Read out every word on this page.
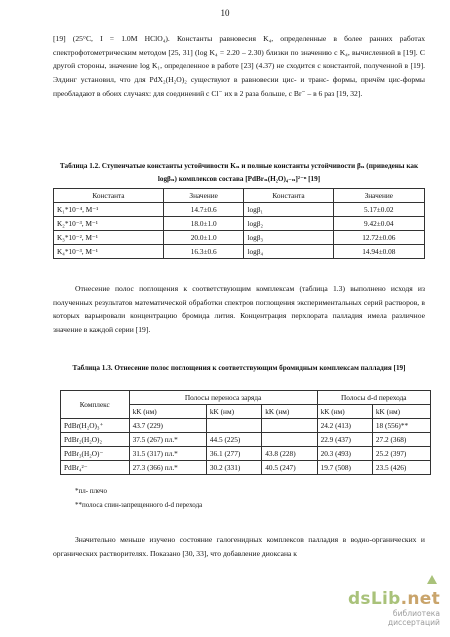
10

[19] (25°C, I = 1.0M HClO₄). Константы равновесия K₄, определенные в более ранних работах спектрофотометрическим методом [25, 31] (log K₄ = 2.20 – 2.30) близки по значению с K₄, вычисленной в [19]. С другой стороны, значение log K₁, определенное в работе [23] (4.37) не сходится с константой, полученной в [19]. Элдинг установил, что для PdX₂(H₂O)₂ существуют в равновесии цис- и транс- формы, причём цис-формы преобладают в обоих случаях: для соединений с Cl⁻ их в 2 раза больше, с Br⁻ – в 6 раз [19, 32].

Таблица 1.2. Ступенчатые константы устойчивости Kₙ и полные константы устойчивости βₙ (приведены как logβₙ) комплексов состава [PdBrₙ(H₂O)₄₋ₙ]²⁻ⁿ [19]
Константа	Значение	Константа	Значение
K₁*10⁻⁴, М⁻¹	14.7±0.6	logβ₁	5.17±0.02
K₂*10⁻³, М⁻¹	18.0±1.0	logβ₂	9.42±0.04
K₃*10⁻², М⁻¹	20.0±1.0	logβ₃	12.72±0.06
K₄*10⁻³, М⁻¹	16.3±0.6	logβ₄	14.94±0.08

Отнесение полос поглощения к соответствующим комплексам (таблица 1.3) выполнено исходя из полученных результатов математической обработки спектров поглощения экспериментальных серий растворов, в которых варьировали концентрацию бромида лития. Концентрация перхлората палладия имела различное значение в каждой серии [19].

Таблица 1.3. Отнесение полос поглощения к соответствующим бромидным комплексам палладия [19]
Комплекс	Полосы переноса заряда			Полосы d-d перехода	
	kK (нм)	kK (нм)	kK (нм)	kK (нм)	kK (нм)
PdBr(H₂O)₃⁺	43.7 (229)			24.2 (413)	18 (556)**
PdBr₂(H₂O)₂	37.5 (267) пл.*	44.5 (225)		22.9 (437)	27.2 (368)
PdBr₃(H₂O)⁻	31.5 (317) пл.*	36.1 (277)	43.8 (228)	20.3 (493)	25.2 (397)
PdBr₄²⁻	27.3 (366) пл.*	30.2 (331)	40.5 (247)	19.7 (508)	23.5 (426)
*пл- плечо
**полоса спин-запрещенного d-d перехода

Значительно меньше изучено состояние галогенидных комплексов палладия в водно-органических и органических растворителях. Показано [30, 33], что добавление диоксана к

dsLib.net
библиотека диссертаций
